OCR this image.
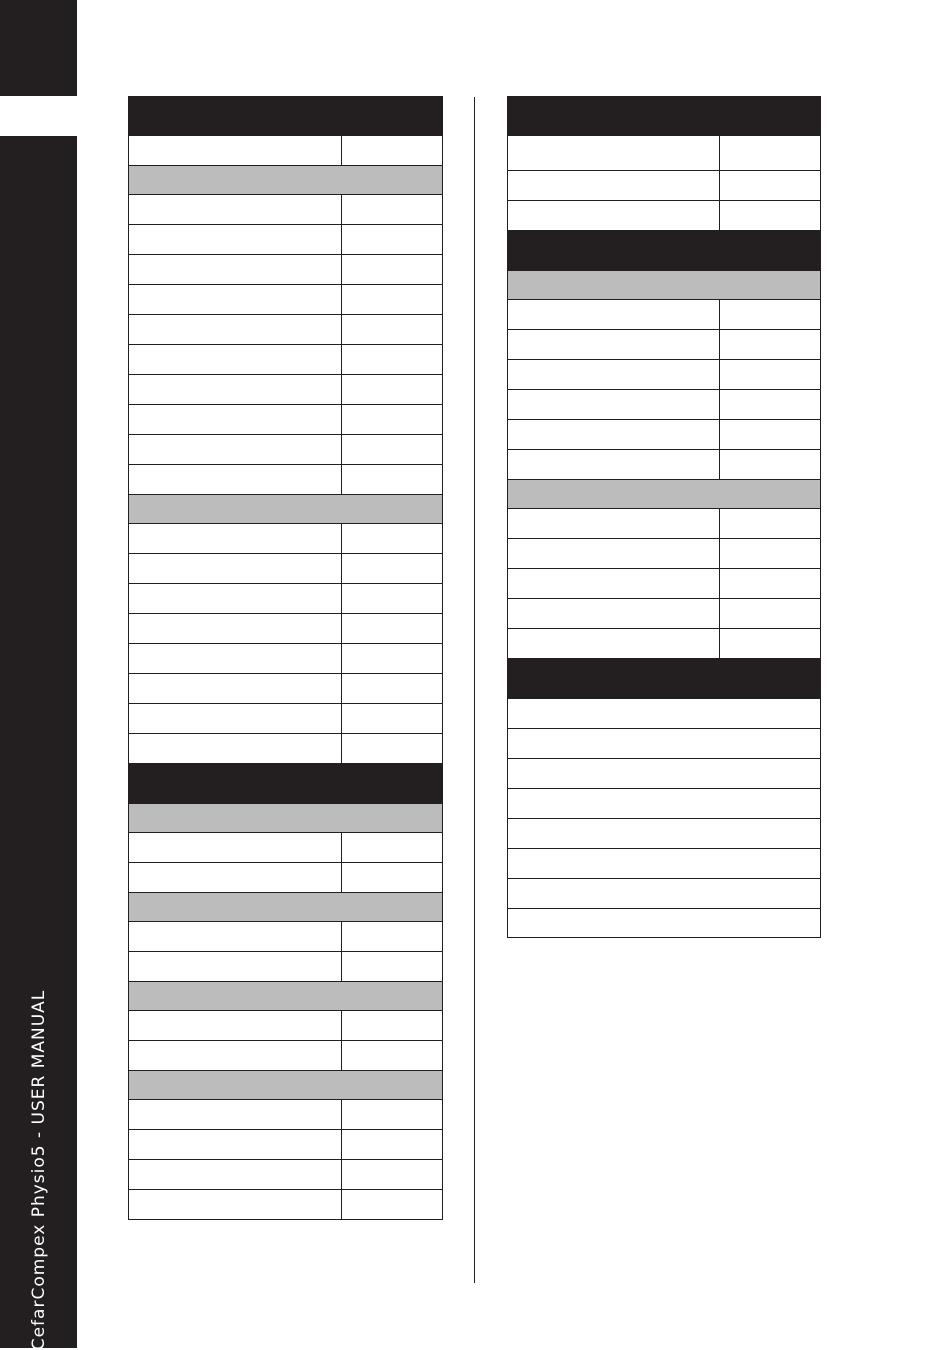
CefarCompex Physio5 - USER MANUAL
